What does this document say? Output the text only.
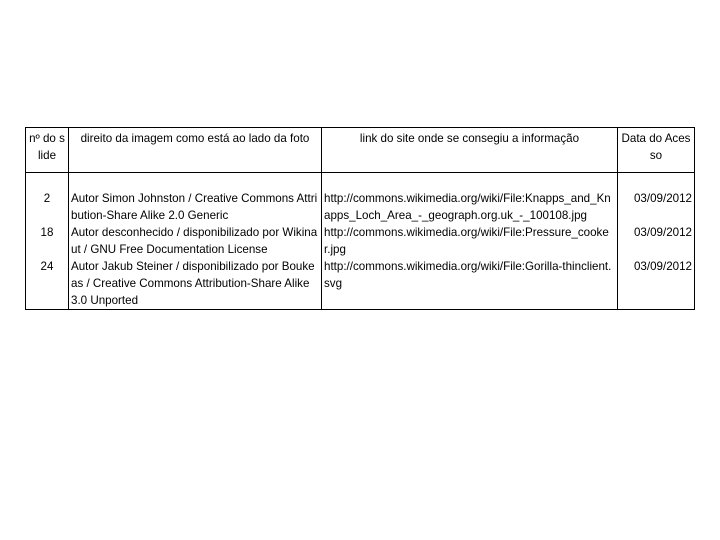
nº do slide	direito da imagem como está ao lado da foto	link do site onde se consegiu a informação	Data do Acesso

2	Autor Simon Johnston / Creative Commons Attribution-Share Alike 2.0 Generic	http://commons.wikimedia.org/wiki/File:Knapps_and_Knapps_Loch_Area_-_geograph.org.uk_-_100108.jpg	03/09/2012
18	Autor desconhecido / disponibilizado por Wikinaut / GNU Free Documentation License	http://commons.wikimedia.org/wiki/File:Pressure_cooker.jpg	03/09/2012
24	Autor Jakub Steiner / disponibilizado por Boukeas / Creative Commons Attribution-Share Alike 3.0 Unported	http://commons.wikimedia.org/wiki/File:Gorilla-thinclient.svg	03/09/2012
